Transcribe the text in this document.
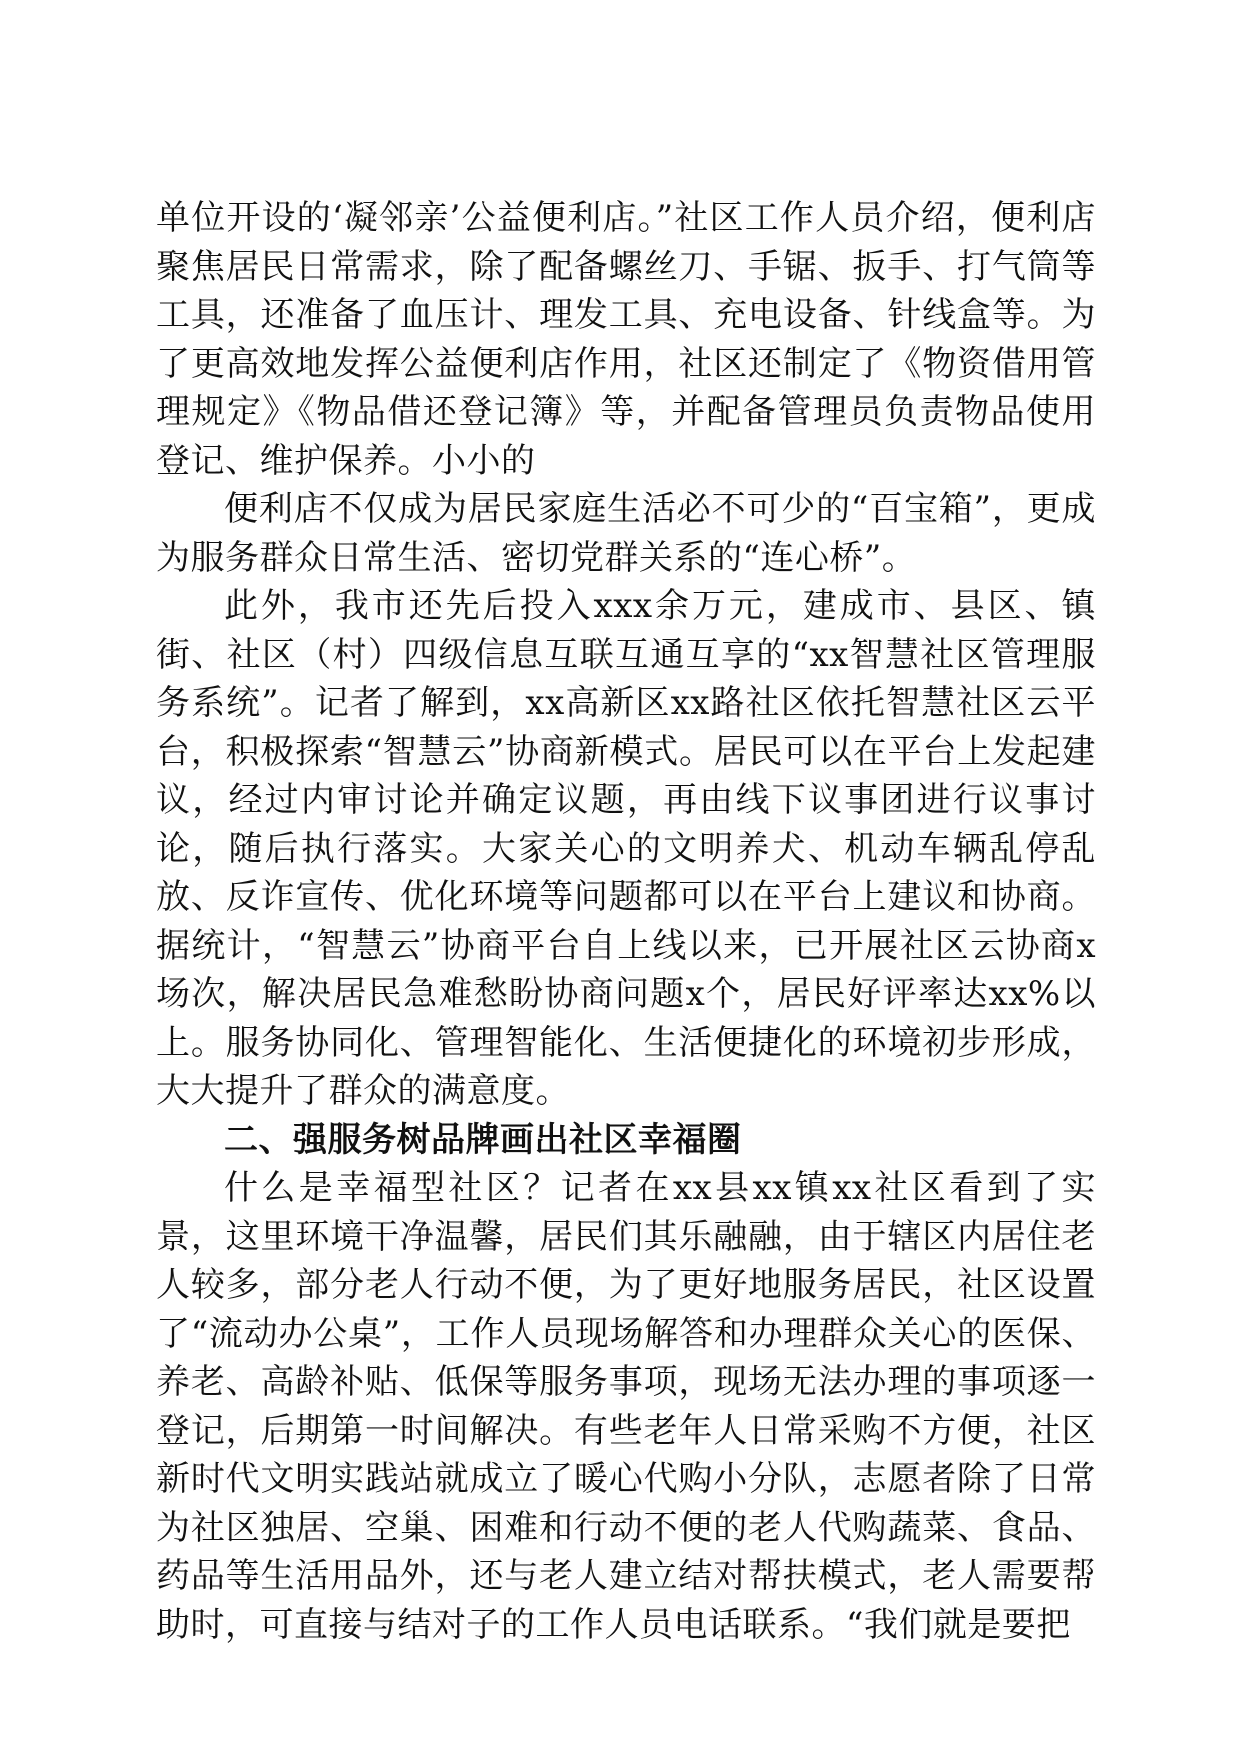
单位开设的‘凝邻亲’公益便利店。”社区工作人员介绍，便利店聚焦居民日常需求，除了配备螺丝刀、手锯、扳手、打气筒等工具，还准备了血压计、理发工具、充电设备、针线盒等。为了更高效地发挥公益便利店作用，社区还制定了《物资借用管理规定》《物品借还登记簿》等，并配备管理员负责物品使用登记、维护保养。小小的

便利店不仅成为居民家庭生活必不可少的“百宝箱”，更成为服务群众日常生活、密切党群关系的“连心桥”。

此外，我市还先后投入xxx余万元，建成市、县区、镇街、社区（村）四级信息互联互通互享的“xx智慧社区管理服务系统”。记者了解到，xx高新区xx路社区依托智慧社区云平台，积极探索“智慧云”协商新模式。居民可以在平台上发起建议，经过内审讨论并确定议题，再由线下议事团进行议事讨论，随后执行落实。大家关心的文明养犬、机动车辆乱停乱放、反诈宣传、优化环境等问题都可以在平台上建议和协商。据统计，“智慧云”协商平台自上线以来，已开展社区云协商x场次，解决居民急难愁盼协商问题x个，居民好评率达xx%以上。服务协同化、管理智能化、生活便捷化的环境初步形成，大大提升了群众的满意度。

二、强服务树品牌画出社区幸福圈

什么是幸福型社区？记者在xx县xx镇xx社区看到了实景，这里环境干净温馨，居民们其乐融融，由于辖区内居住老人较多，部分老人行动不便，为了更好地服务居民，社区设置了“流动办公桌”，工作人员现场解答和办理群众关心的医保、养老、高龄补贴、低保等服务事项，现场无法办理的事项逐一登记，后期第一时间解决。有些老年人日常采购不方便，社区新时代文明实践站就成立了暖心代购小分队，志愿者除了日常为社区独居、空巢、困难和行动不便的老人代购蔬菜、食品、药品等生活用品外，还与老人建立结对帮扶模式，老人需要帮助时，可直接与结对子的工作人员电话联系。“我们就是要把
